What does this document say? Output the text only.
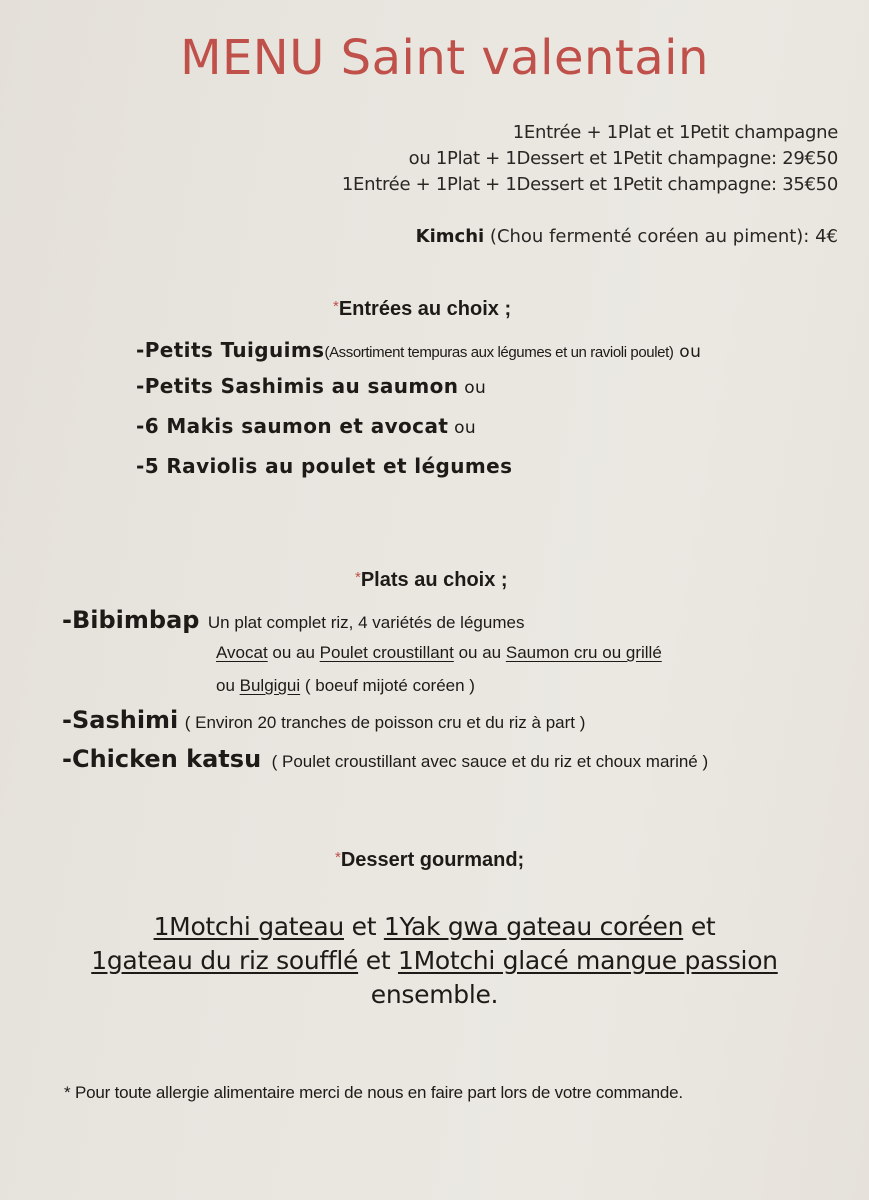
MENU Saint valentain
1Entrée + 1Plat et 1Petit champagne
ou 1Plat + 1Dessert et 1Petit champagne: 29€50
1Entrée + 1Plat + 1Dessert et 1Petit champagne: 35€50
Kimchi (Chou fermenté coréen au piment): 4€
*Entrées au choix ;
-Petits Tuiguims(Assortiment tempuras aux légumes et un ravioli poulet) ou
-Petits Sashimis au saumon ou
-6 Makis saumon et avocat ou
-5 Raviolis au poulet et légumes
*Plats au choix ;
-Bibimbap Un plat complet riz, 4 variétés de légumes
Avocat ou au Poulet croustillant ou au Saumon cru ou grillé
ou Bulgigui ( boeuf mijoté coréen )
-Sashimi ( Environ 20 tranches de poisson cru et du riz à part )
-Chicken katsu ( Poulet croustillant avec sauce et du riz et choux mariné )
*Dessert gourmand;
1Motchi gateau et 1Yak gwa gateau coréen et
1gateau du riz soufflé et 1Motchi glacé mangue passion
ensemble.
* Pour toute allergie alimentaire merci de nous en faire part lors de votre commande.
